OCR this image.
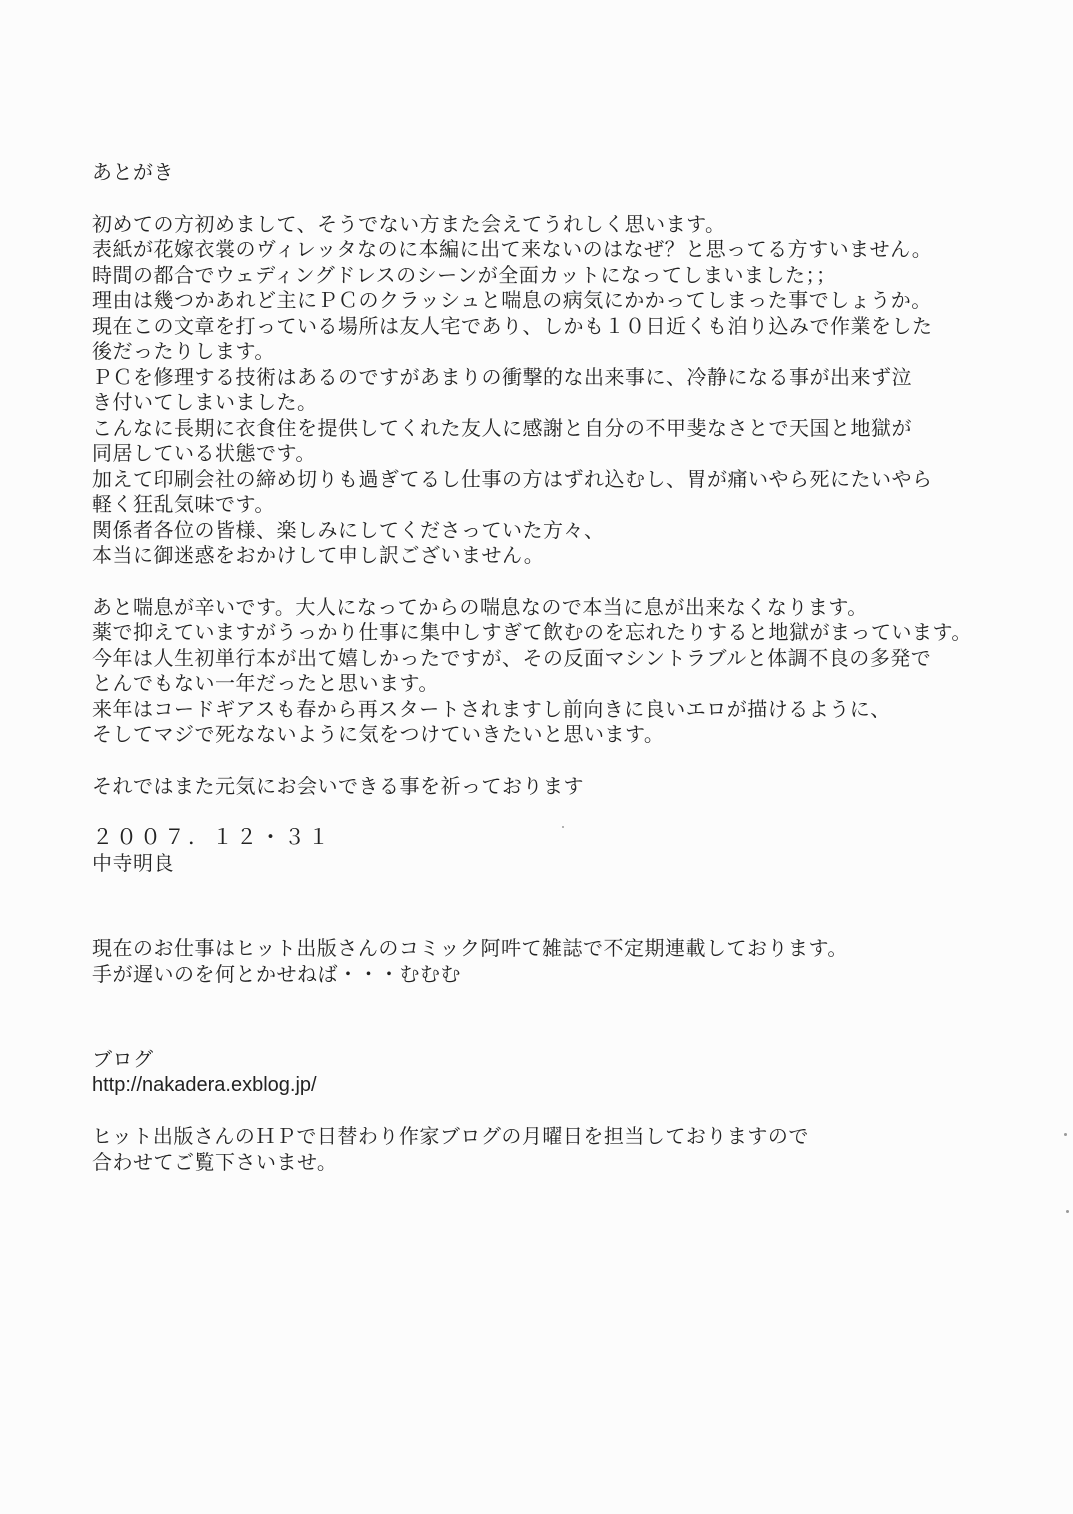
あとがき
初めての方初めまして、そうでない方また会えてうれしく思います。
表紙が花嫁衣裳のヴィレッタなのに本編に出て来ないのはなぜ？と思ってる方すいません。
時間の都合でウェディングドレスのシーンが全面カットになってしまいました；；
理由は幾つかあれど主にＰＣのクラッシュと喘息の病気にかかってしまった事でしょうか。
現在この文章を打っている場所は友人宅であり、しかも１０日近くも泊り込みで作業をした
後だったりします。
ＰＣを修理する技術はあるのですがあまりの衝撃的な出来事に、冷静になる事が出来ず泣
き付いてしまいました。
こんなに長期に衣食住を提供してくれた友人に感謝と自分の不甲斐なさとで天国と地獄が
同居している状態です。
加えて印刷会社の締め切りも過ぎてるし仕事の方はずれ込むし、胃が痛いやら死にたいやら
軽く狂乱気味です。
関係者各位の皆様、楽しみにしてくださっていた方々、
本当に御迷惑をおかけして申し訳ございません。
あと喘息が辛いです。大人になってからの喘息なので本当に息が出来なくなります。
薬で抑えていますがうっかり仕事に集中しすぎて飲むのを忘れたりすると地獄がまっています。
今年は人生初単行本が出て嬉しかったですが、その反面マシントラブルと体調不良の多発で
とんでもない一年だったと思います。
来年はコードギアスも春から再スタートされますし前向きに良いエロが描けるように、
そしてマジで死なないように気をつけていきたいと思います。
それではまた元気にお会いできる事を祈っております
２００７．１２・３１
中寺明良
現在のお仕事はヒット出版さんのコミック阿吽て雑誌で不定期連載しております。
手が遅いのを何とかせねば・・・むむむ
ブログ
http://nakadera.exblog.jp/
ヒット出版さんのＨＰで日替わり作家ブログの月曜日を担当しておりますので
合わせてご覧下さいませ。
